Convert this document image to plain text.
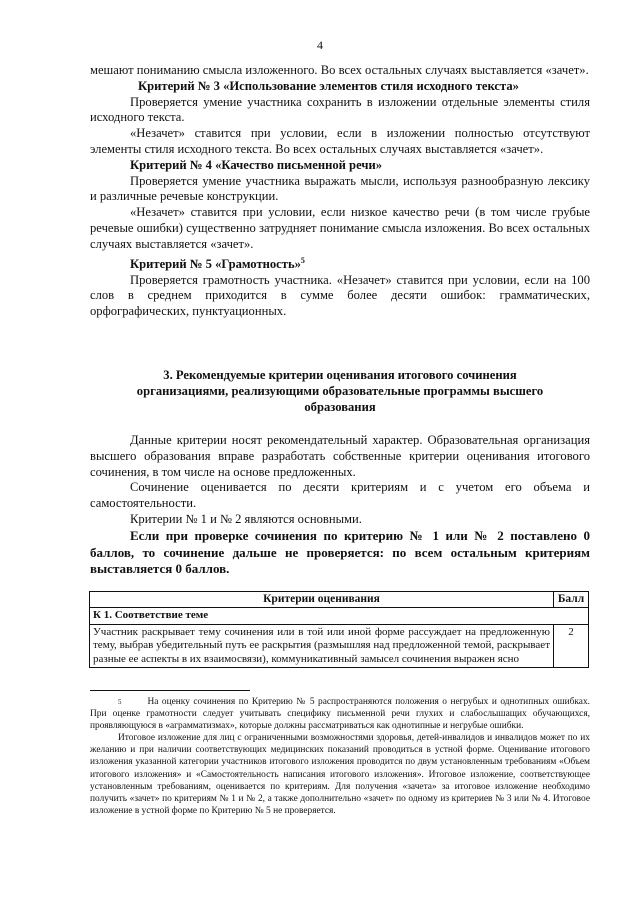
4

мешают пониманию смысла изложенного. Во всех остальных случаях выставляется «зачет».

Критерий № 3 «Использование элементов стиля исходного текста»

Проверяется умение участника сохранить в изложении отдельные элементы стиля исходного текста.

«Незачет» ставится при условии, если в изложении полностью отсутствуют элементы стиля исходного текста. Во всех остальных случаях выставляется «зачет».

Критерий № 4 «Качество письменной речи»

Проверяется умение участника выражать мысли, используя разнообразную лексику и различные речевые конструкции.

«Незачет» ставится при условии, если низкое качество речи (в том числе грубые речевые ошибки) существенно затрудняет понимание смысла изложения. Во всех остальных случаях выставляется «зачет».

Критерий № 5 «Грамотность»$^5$

Проверяется грамотность участника. «Незачет» ставится при условии, если на 100 слов в среднем приходится в сумме более десяти ошибок: грамматических, орфографических, пунктуационных.

3. Рекомендуемые критерии оценивания итогового сочинения
организациями, реализующими образовательные программы высшего
образования

Данные критерии носят рекомендательный характер. Образовательная организация высшего образования вправе разработать собственные критерии оценивания итогового сочинения, в том числе на основе предложенных.

Сочинение оценивается по десяти критериям и с учетом его объема и самостоятельности.

Критерии № 1 и № 2 являются основными.

Если при проверке сочинения по критерию № 1 или № 2 поставлено 0 баллов, то сочинение дальше не проверяется: по всем остальным критериям выставляется 0 баллов.

Критерии оценивания	Балл
К 1. Соответствие теме	
Участник раскрывает тему сочинения или в той или иной форме рассуждает на предложенную тему, выбрав убедительный путь ее раскрытия (размышляя над предложенной темой, раскрывает разные ее аспекты в их взаимосвязи), коммуникативный замысел сочинения выражен ясно	2

$^5$	На оценку сочинения по Критерию № 5 распространяются положения о негрубых и однотипных ошибках. При оценке грамотности следует учитывать специфику письменной речи глухих и слабослышащих обучающихся, проявляющуюся в «аграмматизмах», которые должны рассматриваться как однотипные и негрубые ошибки.

Итоговое изложение для лиц с ограниченными возможностями здоровья, детей-инвалидов и инвалидов может по их желанию и при наличии соответствующих медицинских показаний проводиться в устной форме. Оценивание итогового изложения указанной категории участников итогового изложения проводится по двум установленным требованиям «Объем итогового изложения» и «Самостоятельность написания итогового изложения». Итоговое изложение, соответствующее установленным требованиям, оценивается по критериям. Для получения «зачета» за итоговое изложение необходимо получить «зачет» по критериям № 1 и № 2, а также дополнительно «зачет» по одному из критериев № 3 или № 4. Итоговое изложение в устной форме по Критерию № 5 не проверяется.
